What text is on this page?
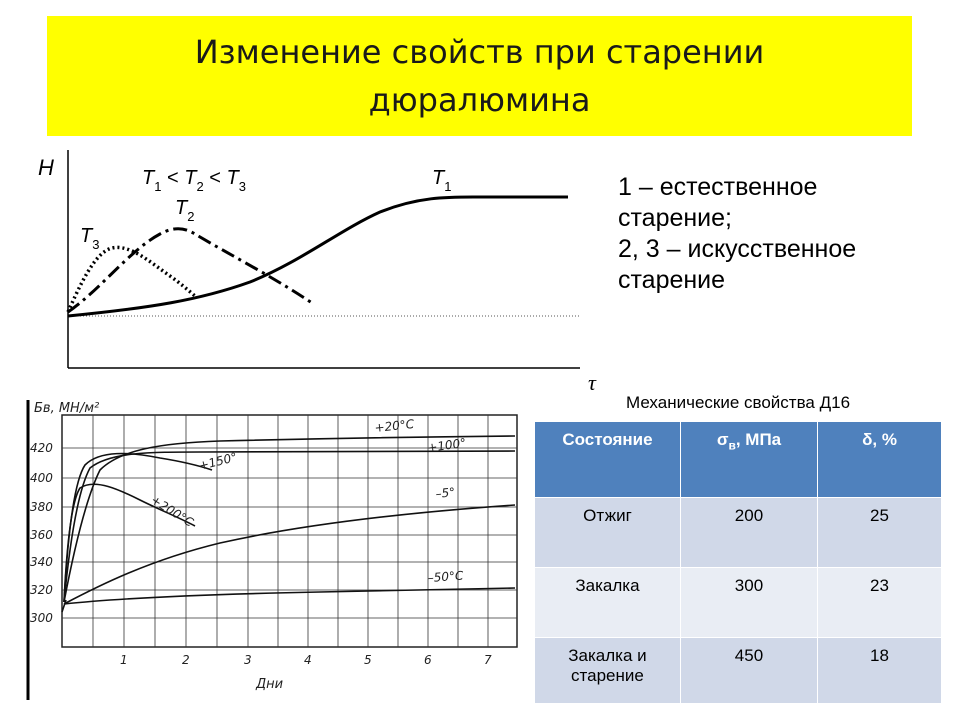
Изменение свойств при старении дюралюмина
H
τ
$T_1 < T_2 < T_3$	$T_1$
$T_2$
$T_3$
Бв, МН/м²
420
400
380
360
340
320
300
1	2	3	4	5	6	7
Дни
+20°C
+100°
+150°
+200°C	–5°
–50°C
1 – естественное
старение;
2, 3 – искусственное
старение
Механические свойства Д16
Состояние	$\sigma_в$, МПа	δ, %
Отжиг	200	25
Закалка	300	23
Закалка и старение	450	18
